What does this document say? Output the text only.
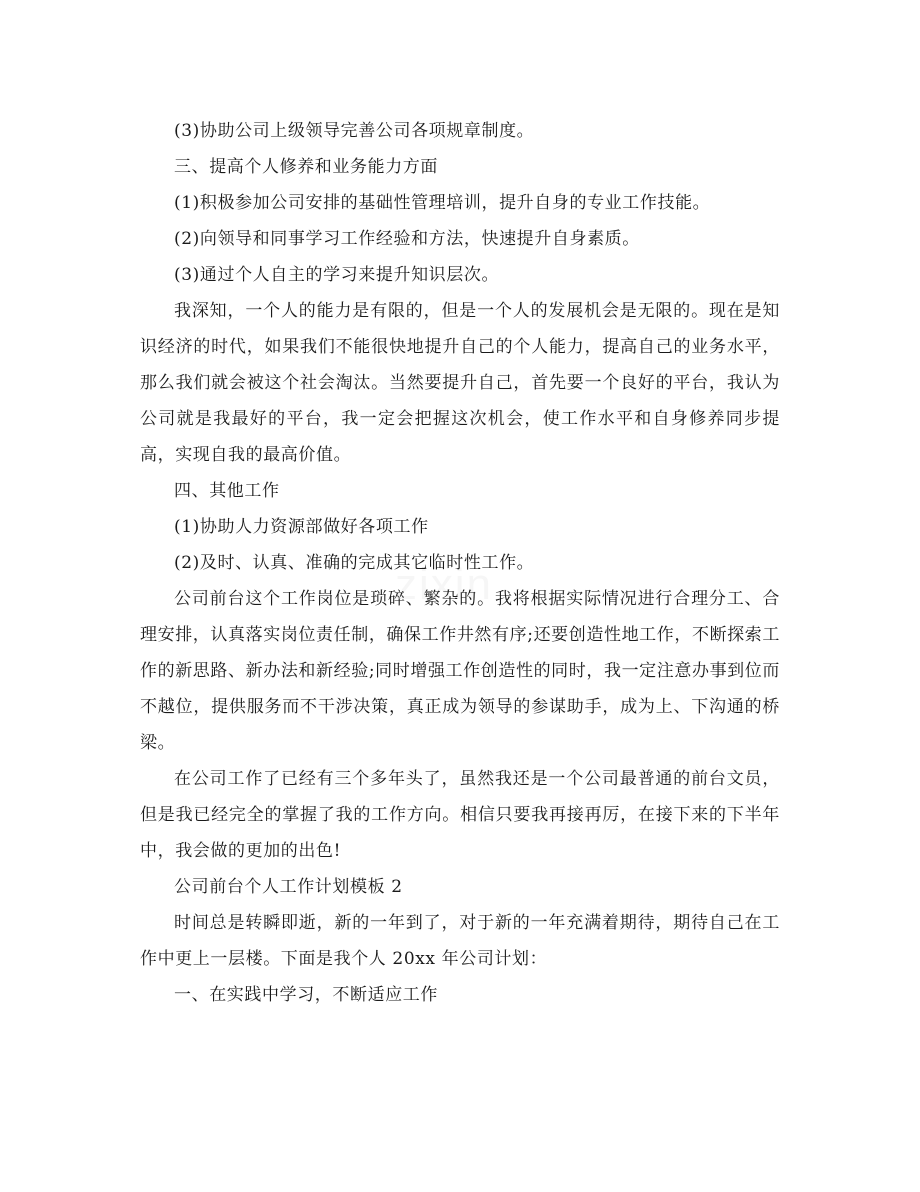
(3)协助公司上级领导完善公司各项规章制度。

三、提高个人修养和业务能力方面

(1)积极参加公司安排的基础性管理培训，提升自身的专业工作技能。

(2)向领导和同事学习工作经验和方法，快速提升自身素质。

(3)通过个人自主的学习来提升知识层次。

我深知，一个人的能力是有限的，但是一个人的发展机会是无限的。现在是知识经济的时代，如果我们不能很快地提升自己的个人能力，提高自己的业务水平，那么我们就会被这个社会淘汰。当然要提升自己，首先要一个良好的平台，我认为公司就是我最好的平台，我一定会把握这次机会，使工作水平和自身修养同步提高，实现自我的最高价值。

四、其他工作

(1)协助人力资源部做好各项工作

(2)及时、认真、准确的完成其它临时性工作。

公司前台这个工作岗位是琐碎、繁杂的。我将根据实际情况进行合理分工、合理安排，认真落实岗位责任制，确保工作井然有序;还要创造性地工作，不断探索工作的新思路、新办法和新经验;同时增强工作创造性的同时，我一定注意办事到位而不越位，提供服务而不干涉决策，真正成为领导的参谋助手，成为上、下沟通的桥梁。

在公司工作了已经有三个多年头了，虽然我还是一个公司最普通的前台文员，但是我已经完全的掌握了我的工作方向。相信只要我再接再厉，在接下来的下半年中，我会做的更加的出色!

公司前台个人工作计划模板 2

时间总是转瞬即逝，新的一年到了，对于新的一年充满着期待，期待自己在工作中更上一层楼。下面是我个人 20xx 年公司计划：

一、在实践中学习，不断适应工作
